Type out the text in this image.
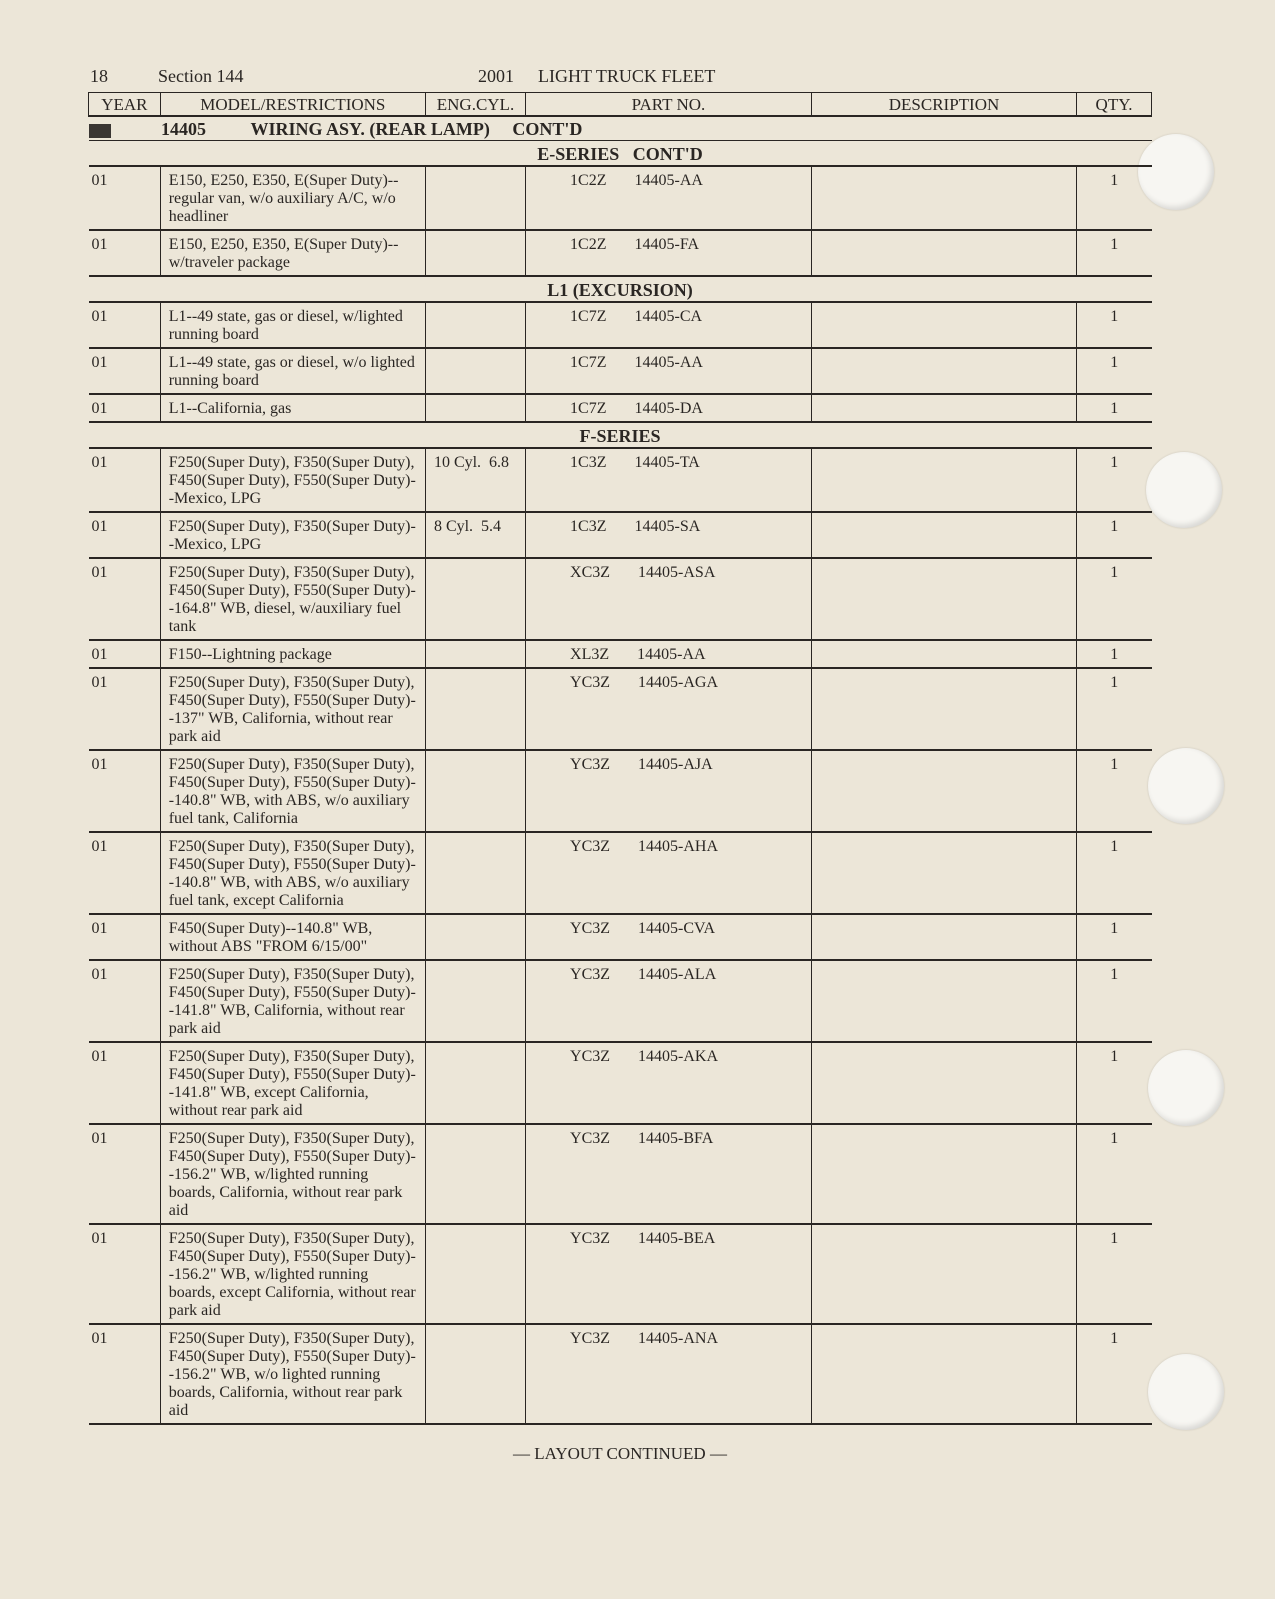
18	Section 144	2001 LIGHT TRUCK FLEET
YEAR	MODEL/RESTRICTIONS	ENG.CYL.	PART NO.	DESCRIPTION	QTY.
14405 WIRING ASY. (REAR LAMP) CONT'D					
E-SERIES   CONT'D					
01	E150, E250, E350, E(Super Duty)--regular van, w/o auxiliary A/C, w/o headliner		1C2Z 14405-AA		1
01	E150, E250, E350, E(Super Duty)--w/traveler package		1C2Z 14405-FA		1
L1 (EXCURSION)					
01	L1--49 state, gas or diesel, w/lighted running board		1C7Z 14405-CA		1
01	L1--49 state, gas or diesel, w/o lighted running board		1C7Z 14405-AA		1
01	L1--California, gas		1C7Z 14405-DA		1
F-SERIES					
01	F250(Super Duty), F350(Super Duty), F450(Super Duty), F550(Super Duty)--Mexico, LPG	10 Cyl.  6.8	1C3Z 14405-TA		1
01	F250(Super Duty), F350(Super Duty)--Mexico, LPG	8 Cyl.  5.4	1C3Z 14405-SA		1
01	F250(Super Duty), F350(Super Duty), F450(Super Duty), F550(Super Duty)--164.8" WB, diesel, w/auxiliary fuel tank		XC3Z 14405-ASA		1
01	F150--Lightning package		XL3Z 14405-AA		1
01	F250(Super Duty), F350(Super Duty), F450(Super Duty), F550(Super Duty)--137" WB, California, without rear park aid		YC3Z 14405-AGA		1
01	F250(Super Duty), F350(Super Duty), F450(Super Duty), F550(Super Duty)--140.8" WB, with ABS, w/o auxiliary fuel tank, California		YC3Z 14405-AJA		1
01	F250(Super Duty), F350(Super Duty), F450(Super Duty), F550(Super Duty)--140.8" WB, with ABS, w/o auxiliary fuel tank, except California		YC3Z 14405-AHA		1
01	F450(Super Duty)--140.8" WB, without ABS "FROM 6/15/00"		YC3Z 14405-CVA		1
01	F250(Super Duty), F350(Super Duty), F450(Super Duty), F550(Super Duty)--141.8" WB, California, without rear park aid		YC3Z 14405-ALA		1
01	F250(Super Duty), F350(Super Duty), F450(Super Duty), F550(Super Duty)--141.8" WB, except California, without rear park aid		YC3Z 14405-AKA		1
01	F250(Super Duty), F350(Super Duty), F450(Super Duty), F550(Super Duty)--156.2" WB, w/lighted running boards, California, without rear park aid		YC3Z 14405-BFA		1
01	F250(Super Duty), F350(Super Duty), F450(Super Duty), F550(Super Duty)--156.2" WB, w/lighted running boards, except California, without rear park aid		YC3Z 14405-BEA		1
01	F250(Super Duty), F350(Super Duty), F450(Super Duty), F550(Super Duty)--156.2" WB, w/o lighted running boards, California, without rear park aid		YC3Z 14405-ANA		1
— LAYOUT CONTINUED —
